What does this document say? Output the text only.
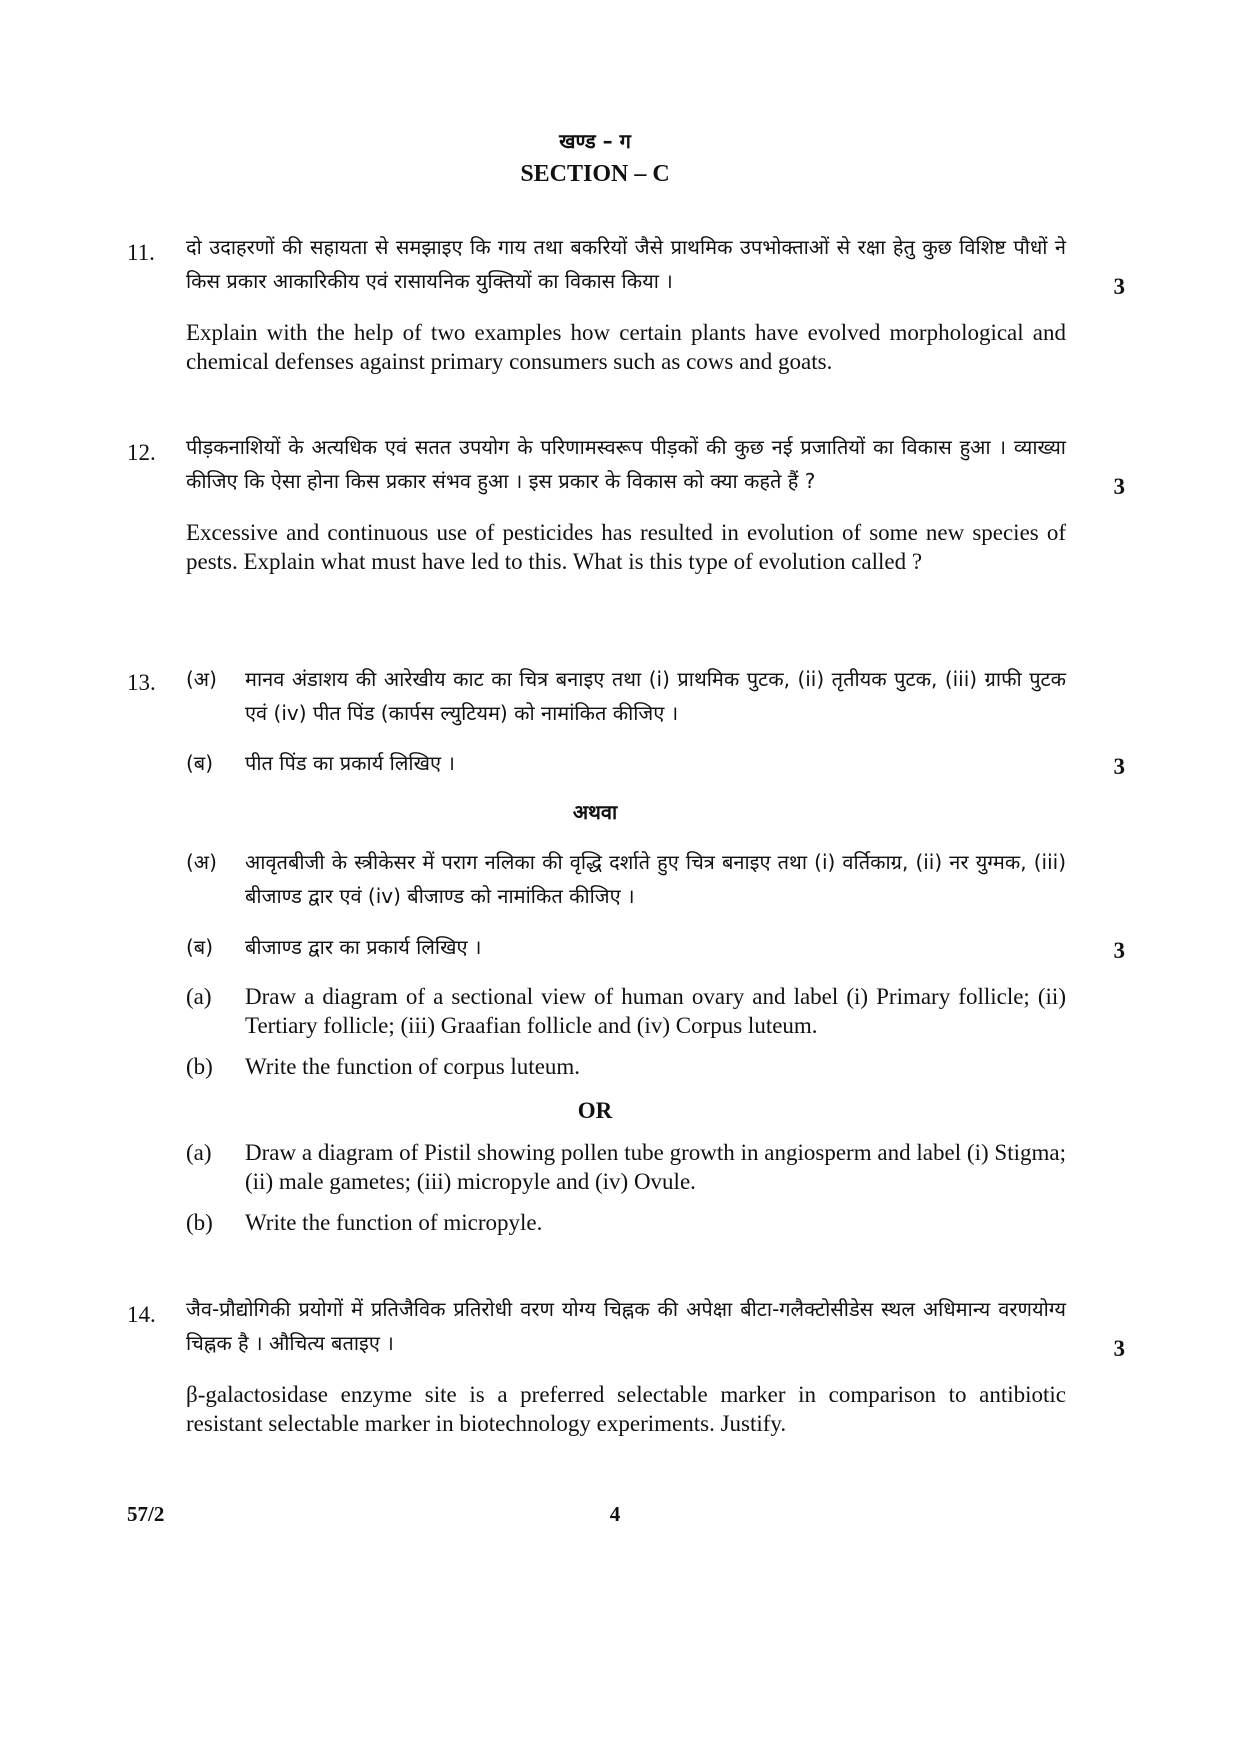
खण्ड – ग
SECTION – C
11.	दो उदाहरणों की सहायता से समझाइए कि गाय तथा बकरियों जैसे प्राथमिक उपभोक्ताओं से रक्षा हेतु कुछ विशिष्ट पौधों ने किस प्रकार आकारिकीय एवं रासायनिक युक्तियों का विकास किया ।	3
Explain with the help of two examples how certain plants have evolved morphological and chemical defenses against primary consumers such as cows and goats.
12.	पीड़कनाशियों के अत्यधिक एवं सतत उपयोग के परिणामस्वरूप पीड़कों की कुछ नई प्रजातियों का विकास हुआ । व्याख्या कीजिए कि ऐसा होना किस प्रकार संभव हुआ । इस प्रकार के विकास को क्या कहते हैं ?	3
Excessive and continuous use of pesticides has resulted in evolution of some new species of pests. Explain what must have led to this. What is this type of evolution called ?
13.	(अ)	मानव अंडाशय की आरेखीय काट का चित्र बनाइए तथा (i) प्राथमिक पुटक, (ii) तृतीयक पुटक, (iii) ग्राफी पुटक एवं (iv) पीत पिंड (कार्पस ल्युटियम) को नामांकित कीजिए ।
(ब)	पीत पिंड का प्रकार्य लिखिए ।	3
अथवा
(अ)	आवृतबीजी के स्त्रीकेसर में पराग नलिका की वृद्धि दर्शाते हुए चित्र बनाइए तथा (i) वर्तिकाग्र, (ii) नर युग्मक, (iii) बीजाण्ड द्वार एवं (iv) बीजाण्ड को नामांकित कीजिए ।
(ब)	बीजाण्ड द्वार का प्रकार्य लिखिए ।	3
(a)	Draw a diagram of a sectional view of human ovary and label (i) Primary follicle; (ii) Tertiary follicle; (iii) Graafian follicle and (iv) Corpus luteum.
(b)	Write the function of corpus luteum.
OR
(a)	Draw a diagram of Pistil showing pollen tube growth in angiosperm and label (i) Stigma; (ii) male gametes; (iii) micropyle and (iv) Ovule.
(b)	Write the function of micropyle.
14.	जैव-प्रौद्योगिकी प्रयोगों में प्रतिजैविक प्रतिरोधी वरण योग्य चिह्नक की अपेक्षा बीटा-गलैक्टोसीडेस स्थल अधिमान्य वरणयोग्य चिह्नक है । औचित्य बताइए ।	3
β-galactosidase enzyme site is a preferred selectable marker in comparison to antibiotic resistant selectable marker in biotechnology experiments. Justify.
57/2	4
